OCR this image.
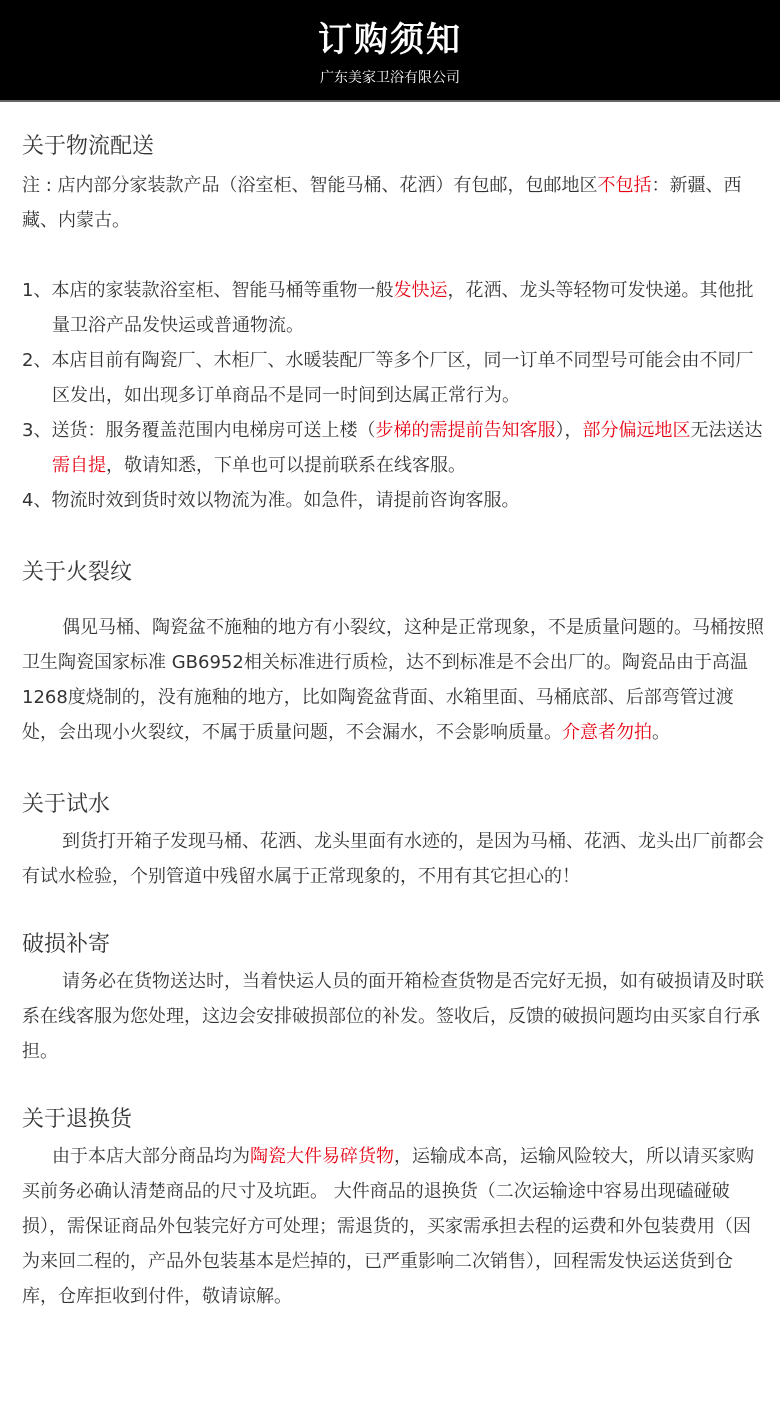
订购须知
广东美家卫浴有限公司
关于物流配送
注 : 店内部分家装款产品（浴室柜、智能马桶、花洒）有包邮，包邮地区不包括：新疆、西藏、内蒙古。
1、本店的家装款浴室柜、智能马桶等重物一般发快运，花洒、龙头等轻物可发快递。其他批量卫浴产品发快运或普通物流。
2、本店目前有陶瓷厂、木柜厂、水暖装配厂等多个厂区，同一订单不同型号可能会由不同厂区发出，如出现多订单商品不是同一时间到达属正常行为。
3、送货：服务覆盖范围内电梯房可送上楼（步梯的需提前告知客服），部分偏远地区无法送达需自提，敬请知悉，下单也可以提前联系在线客服。
4、物流时效到货时效以物流为准。如急件，请提前咨询客服。
关于火裂纹
偶见马桶、陶瓷盆不施釉的地方有小裂纹，这种是正常现象，不是质量问题的。马桶按照卫生陶瓷国家标准 GB6952相关标准进行质检，达不到标准是不会出厂的。陶瓷品由于高温1268度烧制的，没有施釉的地方，比如陶瓷盆背面、水箱里面、马桶底部、后部弯管过渡处，会出现小火裂纹，不属于质量问题，不会漏水，不会影响质量。介意者勿拍。
关于试水
到货打开箱子发现马桶、花洒、龙头里面有水迹的，是因为马桶、花洒、龙头出厂前都会有试水检验，个别管道中残留水属于正常现象的，不用有其它担心的！
破损补寄
请务必在货物送达时，当着快运人员的面开箱检查货物是否完好无损，如有破损请及时联系在线客服为您处理，这边会安排破损部位的补发。签收后，反馈的破损问题均由买家自行承担。
关于退换货
由于本店大部分商品均为陶瓷大件易碎货物，运输成本高，运输风险较大，所以请买家购买前务必确认清楚商品的尺寸及坑距。 大件商品的退换货（二次运输途中容易出现磕碰破损），需保证商品外包装完好方可处理；需退货的，买家需承担去程的运费和外包装费用（因为来回二程的，产品外包装基本是烂掉的，已严重影响二次销售），回程需发快运送货到仓库，仓库拒收到付件，敬请谅解。
